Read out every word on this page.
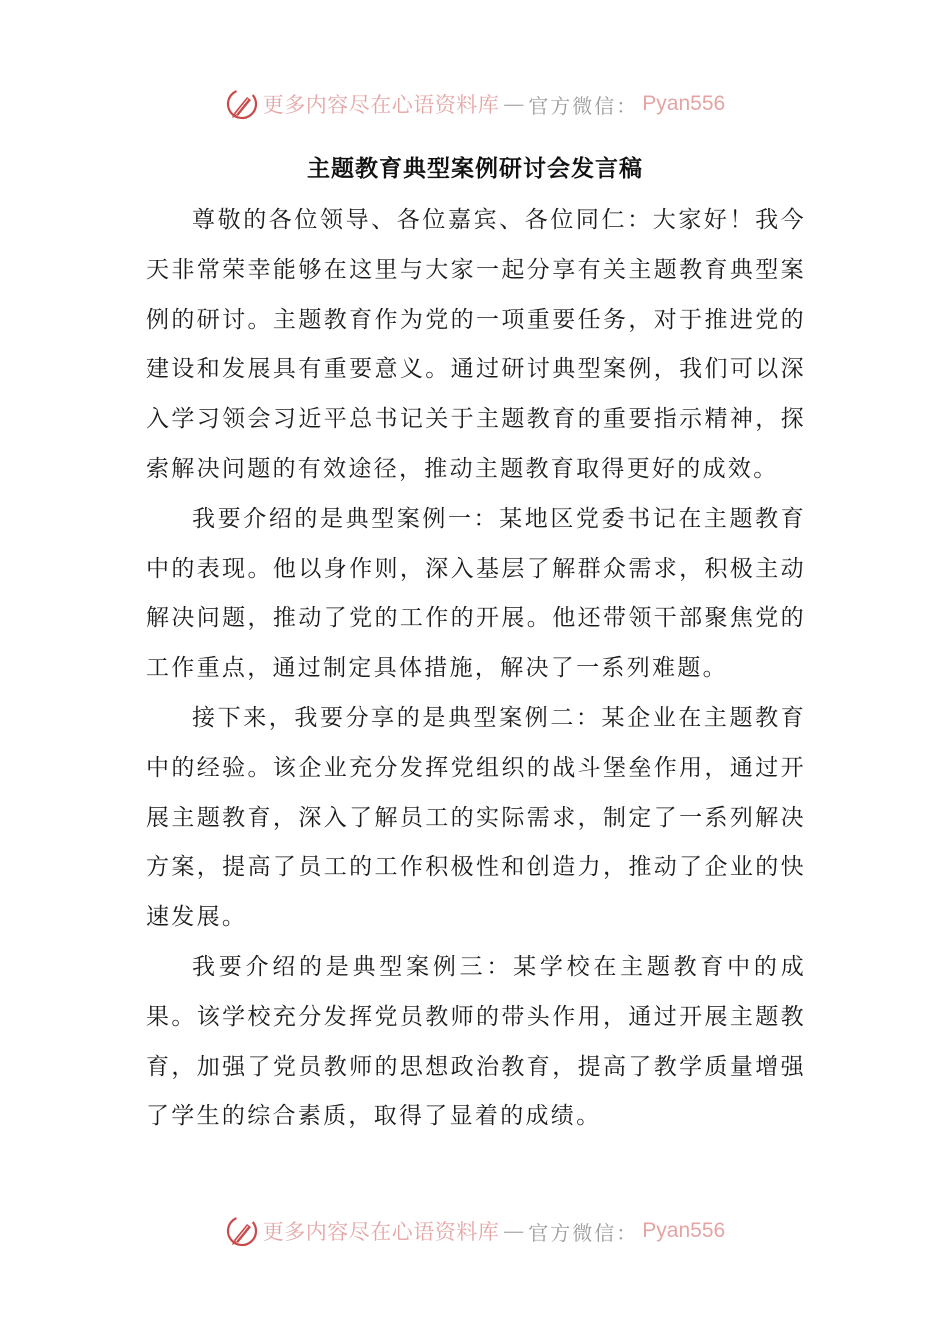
更多内容尽在心语资料库 — 官方微信： Pyan556
主题教育典型案例研讨会发言稿

尊敬的各位领导、各位嘉宾、各位同仁：大家好！我今天非常荣幸能够在这里与大家一起分享有关主题教育典型案例的研讨。主题教育作为党的一项重要任务，对于推进党的建设和发展具有重要意义。通过研讨典型案例，我们可以深入学习领会习近平总书记关于主题教育的重要指示精神，探索解决问题的有效途径，推动主题教育取得更好的成效。

我要介绍的是典型案例一：某地区党委书记在主题教育中的表现。他以身作则，深入基层了解群众需求，积极主动解决问题，推动了党的工作的开展。他还带领干部聚焦党的工作重点，通过制定具体措施，解决了一系列难题。

接下来，我要分享的是典型案例二：某企业在主题教育中的经验。该企业充分发挥党组织的战斗堡垒作用，通过开展主题教育，深入了解员工的实际需求，制定了一系列解决方案，提高了员工的工作积极性和创造力，推动了企业的快速发展。

我要介绍的是典型案例三：某学校在主题教育中的成果。该学校充分发挥党员教师的带头作用，通过开展主题教育，加强了党员教师的思想政治教育，提高了教学质量增强了学生的综合素质，取得了显着的成绩。

更多内容尽在心语资料库 — 官方微信： Pyan556
